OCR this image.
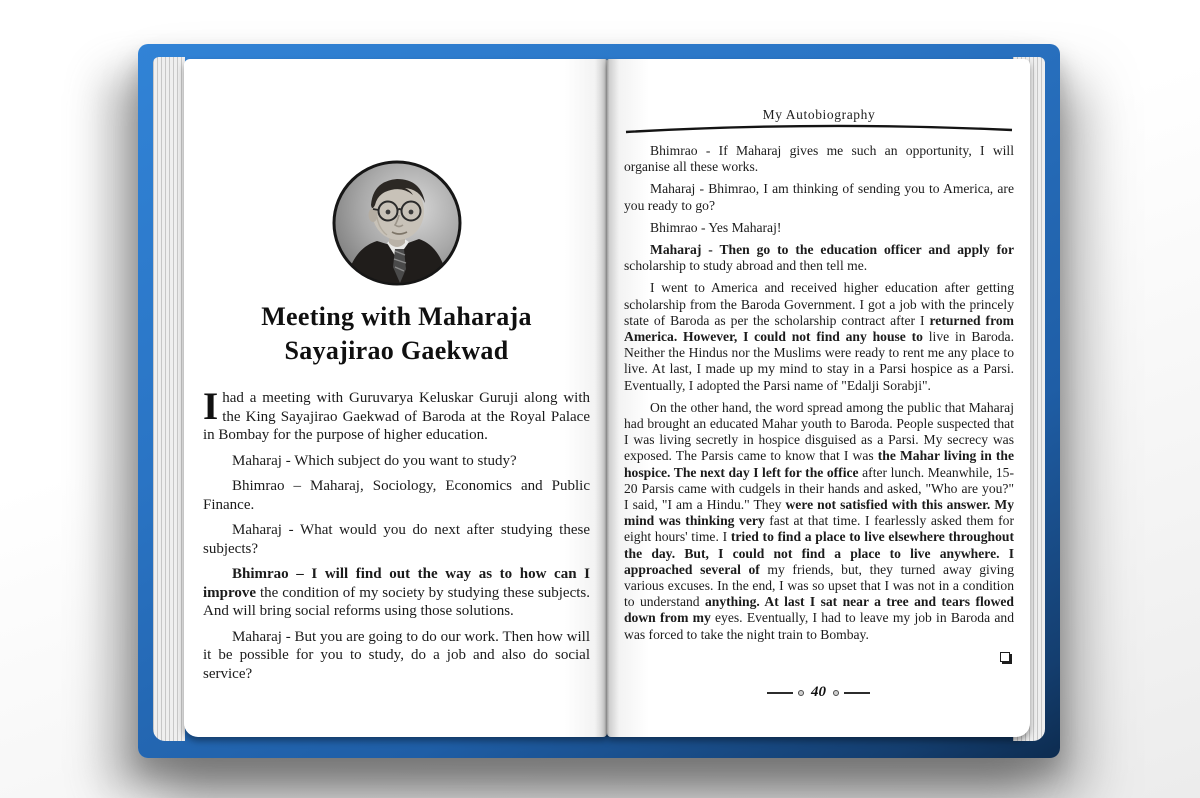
Meeting with Maharaja
Sayajirao Gaekwad

Ihad a meeting with Guruvarya Keluskar Guruji along with the King Sayajirao Gaekwad of Baroda at the Royal Palace in Bombay for the purpose of higher education.

Maharaj - Which subject do you want to study?

Bhimrao – Maharaj, Sociology, Economics and Public Finance.

Maharaj - What would you do next after studying these subjects?

Bhimrao – I will find out the way as to how can I improve the condition of my society by studying these subjects. And will bring social reforms using those solutions.

Maharaj - But you are going to do our work. Then how will it be possible for you to study, do a job and also do social service?

My Autobiography

Bhimrao - If Maharaj gives me such an opportunity, I will organise all these works.

Maharaj - Bhimrao, I am thinking of sending you to America, are you ready to go?

Bhimrao - Yes Maharaj!

Maharaj - Then go to the education officer and apply for scholarship to study abroad and then tell me.

I went to America and received higher education after getting scholarship from the Baroda Government. I got a job with the princely state of Baroda as per the scholarship contract after I returned from America. However, I could not find any house to live in Baroda. Neither the Hindus nor the Muslims were ready to rent me any place to live. At last, I made up my mind to stay in a Parsi hospice as a Parsi. Eventually, I adopted the Parsi name of "Edalji Sorabji".

On the other hand, the word spread among the public that Maharaj had brought an educated Mahar youth to Baroda. People suspected that I was living secretly in hospice disguised as a Parsi. My secrecy was exposed. The Parsis came to know that I was the Mahar living in the hospice. The next day I left for the office after lunch. Meanwhile, 15-20 Parsis came with cudgels in their hands and asked, "Who are you?" I said, "I am a Hindu." They were not satisfied with this answer. My mind was thinking very fast at that time. I fearlessly asked them for eight hours' time. I tried to find a place to live elsewhere throughout the day. But, I could not find a place to live anywhere. I approached several of my friends, but, they turned away giving various excuses. In the end, I was so upset that I was not in a condition to understand anything. At last I sat near a tree and tears flowed down from my eyes. Eventually, I had to leave my job in Baroda and was forced to take the night train to Bombay.

40
